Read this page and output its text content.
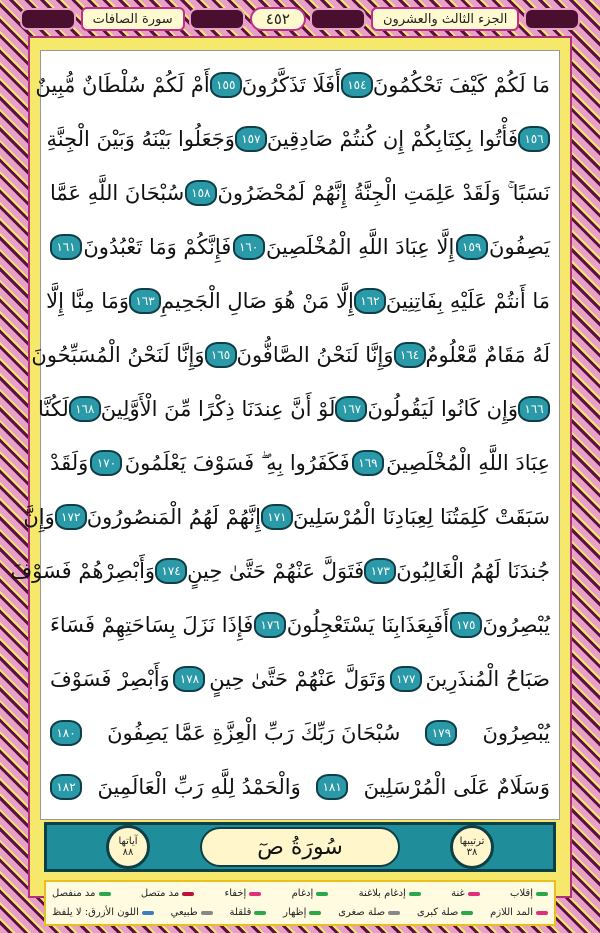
الجزء الثالث والعشرون
٤٥٢
سورة الصافات
مَا لَكُمْ كَيْفَ تَحْكُمُونَ
١٥٤
أَفَلَا تَذَكَّرُونَ
١٥٥
أَمْ لَكُمْ سُلْطَانٌ مُّبِينٌ
١٥٦
فَأْتُوا بِكِتَابِكُمْ إِن كُنتُمْ صَادِقِينَ
١٥٧
وَجَعَلُوا بَيْنَهُ وَبَيْنَ الْجِنَّةِ
نَسَبًا ۚ وَلَقَدْ عَلِمَتِ الْجِنَّةُ إِنَّهُمْ لَمُحْضَرُونَ
١٥٨
سُبْحَانَ اللَّهِ عَمَّا
يَصِفُونَ
١٥٩
إِلَّا عِبَادَ اللَّهِ الْمُخْلَصِينَ
١٦٠
فَإِنَّكُمْ وَمَا تَعْبُدُونَ
١٦١
مَا أَنتُمْ عَلَيْهِ بِفَاتِنِينَ
١٦٢
إِلَّا مَنْ هُوَ صَالِ الْجَحِيمِ
١٦٣
وَمَا مِنَّا إِلَّا
لَهُ مَقَامٌ مَّعْلُومٌ
١٦٤
وَإِنَّا لَنَحْنُ الصَّافُّونَ
١٦٥
وَإِنَّا لَنَحْنُ الْمُسَبِّحُونَ
١٦٦
وَإِن كَانُوا لَيَقُولُونَ
١٦٧
لَوْ أَنَّ عِندَنَا ذِكْرًا مِّنَ الْأَوَّلِينَ
١٦٨
لَكُنَّا
عِبَادَ اللَّهِ الْمُخْلَصِينَ
١٦٩
فَكَفَرُوا بِهِ ۖ فَسَوْفَ يَعْلَمُونَ
١٧٠
وَلَقَدْ
سَبَقَتْ كَلِمَتُنَا لِعِبَادِنَا الْمُرْسَلِينَ
١٧١
إِنَّهُمْ لَهُمُ الْمَنصُورُونَ
١٧٢
وَإِنَّ
جُندَنَا لَهُمُ الْغَالِبُونَ
١٧٣
فَتَوَلَّ عَنْهُمْ حَتَّىٰ حِينٍ
١٧٤
وَأَبْصِرْهُمْ فَسَوْفَ
يُبْصِرُونَ
١٧٥
أَفَبِعَذَابِنَا يَسْتَعْجِلُونَ
١٧٦
فَإِذَا نَزَلَ بِسَاحَتِهِمْ فَسَاءَ
صَبَاحُ الْمُنذَرِينَ
١٧٧
وَتَوَلَّ عَنْهُمْ حَتَّىٰ حِينٍ
١٧٨
وَأَبْصِرْ فَسَوْفَ
يُبْصِرُونَ
١٧٩
سُبْحَانَ رَبِّكَ رَبِّ الْعِزَّةِ عَمَّا يَصِفُونَ
١٨٠
وَسَلَامٌ عَلَى الْمُرْسَلِينَ
١٨١
وَالْحَمْدُ لِلَّهِ رَبِّ الْعَالَمِينَ
١٨٢
ترتيبها
٣٨
سُورَةُ صٓ
آياتها
٨٨
إقلاب
غنة
إدغام بلاغنة
إدغام
إخفاء
مد متصل
مد منفصل
المد اللازم
صلة كبرى
صلة صغرى
إظهار
قلقلة
طبيعي
اللون الأزرق: لا يلفظ
